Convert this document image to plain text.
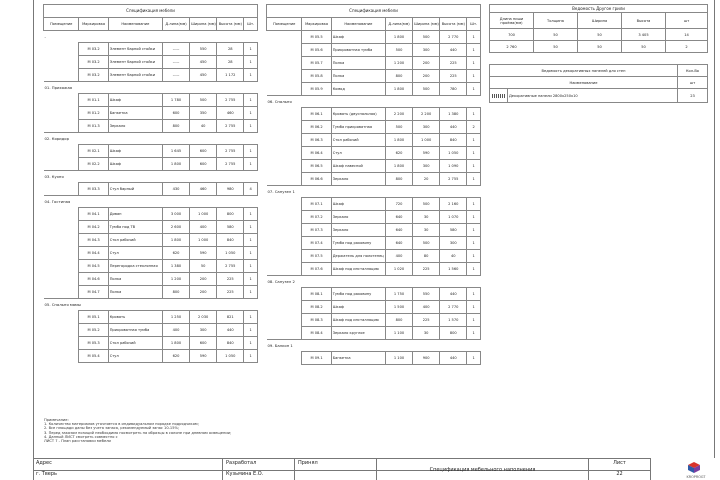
Спецификация мебели						
Помещение	Маркировка	Наименование	Д.лина(мм)	Ширина (мм)	Высота (мм)	Шт.
-						
	М 03.2	Элемент барной стойки	-----	550	28	1
	М 03.2	Элемент барной стойки	-----	450	28	1
	М 03.2	Элемент барной стойки	-----	450	1 172	1
01. Прихожая						
	М 01.1	Шкаф	1 780	500	2 755	1
	М 01.2	Банкетка	600	350	460	1
	М 01.3	Зеркало	800	40	2 755	1
02. Коридор						
	М 02.1	Шкаф	1 645	600	2 755	1
	М 02.2	Шкаф	1 800	600	2 755	1
03. Кухня						
	М 03.3	Стул барный	430	460	980	4
04. Гостиная						
	М 04.1	Диван	3 000	1 000	800	1
	М 04.2	Тумба под ТВ	2 600	400	580	1
	М 04.3	Стол рабочий	1 800	1 000	840	1
	М 04.4	Стул	620	590	1 050	1
	М 04.5	Перегородка стеклянная	1 380	50	2 755	1
	М 04.6	Полка	1 200	200	225	1
	М 04.7	Полка	800	200	225	1
05. Спальня мамы						
	М 05.1	Кровать	1 250	2 030	821	1
	М 05.2	Прикроватная тумба	400	300	440	1
	М 05.3	Стол рабочий	1 800	600	840	1
	М 05.4	Стул	620	590	1 050	1
Спецификация мебели						
Помещение	Маркировка	Наименование	Д.лина(мм)	Ширина (мм)	Высота (мм)	Шт.
	М 05.5	Шкаф	1 800	500	2 770	1
	М 05.6	Прикроватная тумба	500	300	440	1
	М 05.7	Полка	1 200	200	225	1
	М 05.8	Полка	800	200	225	1
	М 05.9	Комод	1 800	500	780	1
06. Спальня						
	М 06.1	Кровать (двуспальная)	2 200	2 200	1 380	1
	М 06.2	Тумба прикроватная	500	300	440	2
	М 06.3	Стол рабочий	1 800	1 000	840	1
	М 06.4	Стул	620	590	1 050	1
	М 06.5	Шкаф навесной	1 800	300	1 090	1
	М 06.6	Зеркало	800	20	2 755	1
07. Санузел 1						
	М 07.1	Шкаф	720	500	2 160	1
	М 07.2	Зеркало	640	30	1 070	1
	М 07.3	Зеркало	640	30	580	1
	М 07.4	Тумба под раковину	640	500	300	1
	М 07.5	Держатель для полотенец	400	80	40	1
	М 07.6	Шкаф под инсталляцию	1 020	225	1 560	1
08. Санузел 2						
	М 08.1	Тумба под раковину	1 750	550	440	1
	М 08.2	Шкаф	1 500	400	2 770	1
	М 08.3	Шкаф под инсталляцию	800	225	1 570	1
	М 08.4	Зеркало круглое	1 100	30	800	1
09. Балкон 1						
	М 09.1	Банкетка	1 100	900	440	1
Ведомость Другое грили				
Длина ниши проёма(мм)	Толщина	Ширина	Высота	шт
700	50	50	3 405	14
2 760	50	50	50	2
Ведомость декоративных панелей для стен		Кол-Во
Наименование		шт
	Декоративные панели 2800х250х10	23
Примечание:
1. Количество материалов уточняется в индивидуальном порядке подрядчиком;
2. Все площади даны без учета запаса, рекомендуемый запас 10-15%;
3. Перед заказом позиций необходимо посмотреть на образцы в салоне при дневном освещении;
4. Данный ЛИСТ смотреть совместно с
ЛИСТ 7 - План расстановки мебели
Адрес
г. Тверь
Разработал
Кузьмина Е.О.
Принял
Спецификация мебельного наполнения
Лист
22	KROPROGT
